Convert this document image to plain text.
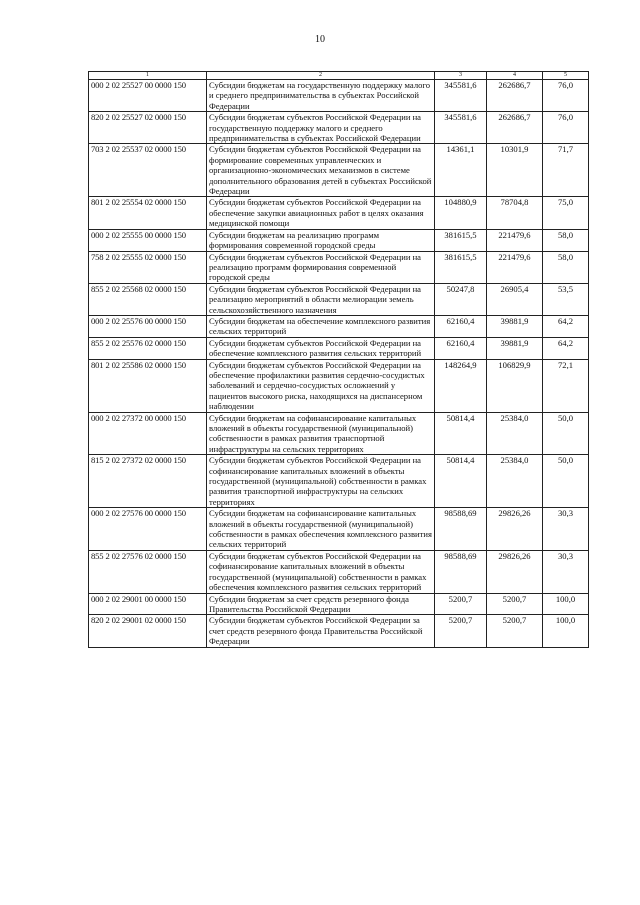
10
1	2	3	4	5
000 2 02 25527 00 0000 150	Субсидии бюджетам на государственную поддержку малого и среднего предпринимательства в субъектах Российской Федерации	345581,6	262686,7	76,0
820 2 02 25527 02 0000 150	Субсидии бюджетам субъектов Российской Федерации на государственную поддержку малого и среднего предпринимательства в субъектах Российской Федерации	345581,6	262686,7	76,0
703 2 02 25537 02 0000 150	Субсидии бюджетам субъектов Российской Федерации на формирование современных управленческих и организационно-экономических механизмов в системе дополнительного образования детей в субъектах Российской Федерации	14361,1	10301,9	71,7
801 2 02 25554 02 0000 150	Субсидии бюджетам субъектов Российской Федерации на обеспечение закупки авиационных работ в целях оказания медицинской помощи	104880,9	78704,8	75,0
000 2 02 25555 00 0000 150	Субсидии бюджетам на реализацию программ формирования современной городской среды	381615,5	221479,6	58,0
758 2 02 25555 02 0000 150	Субсидии бюджетам субъектов Российской Федерации на реализацию программ формирования современной городской среды	381615,5	221479,6	58,0
855 2 02 25568 02 0000 150	Субсидии бюджетам субъектов Российской Федерации на реализацию мероприятий в области мелиорации земель сельскохозяйственного назначения	50247,8	26905,4	53,5
000 2 02 25576 00 0000 150	Субсидии бюджетам на обеспечение комплексного развития сельских территорий	62160,4	39881,9	64,2
855 2 02 25576 02 0000 150	Субсидии бюджетам субъектов Российской Федерации на обеспечение комплексного развития сельских территорий	62160,4	39881,9	64,2
801 2 02 25586 02 0000 150	Субсидии бюджетам субъектов Российской Федерации на обеспечение профилактики развития сердечно-сосудистых заболеваний и сердечно-сосудистых осложнений у пациентов высокого риска, находящихся на диспансерном наблюдении	148264,9	106829,9	72,1
000 2 02 27372 00 0000 150	Субсидии бюджетам на софинансирование капитальных вложений в объекты государственной (муниципальной) собственности в рамках развития транспортной инфраструктуры на сельских территориях	50814,4	25384,0	50,0
815 2 02 27372 02 0000 150	Субсидии бюджетам субъектов Российской Федерации на софинансирование капитальных вложений в объекты государственной (муниципальной) собственности в рамках развития транспортной инфраструктуры на сельских территориях	50814,4	25384,0	50,0
000 2 02 27576 00 0000 150	Субсидии бюджетам на софинансирование капитальных вложений в объекты государственной (муниципальной) собственности в рамках обеспечения комплексного развития сельских территорий	98588,69	29826,26	30,3
855 2 02 27576 02 0000 150	Субсидии бюджетам субъектов Российской Федерации на софинансирование капитальных вложений в объекты государственной (муниципальной) собственности в рамках обеспечения комплексного развития сельских территорий	98588,69	29826,26	30,3
000 2 02 29001 00 0000 150	Субсидии бюджетам за счет средств резервного фонда Правительства Российской Федерации	5200,7	5200,7	100,0
820 2 02 29001 02 0000 150	Субсидии бюджетам субъектов Российской Федерации за счет средств резервного фонда Правительства Российской Федерации	5200,7	5200,7	100,0
